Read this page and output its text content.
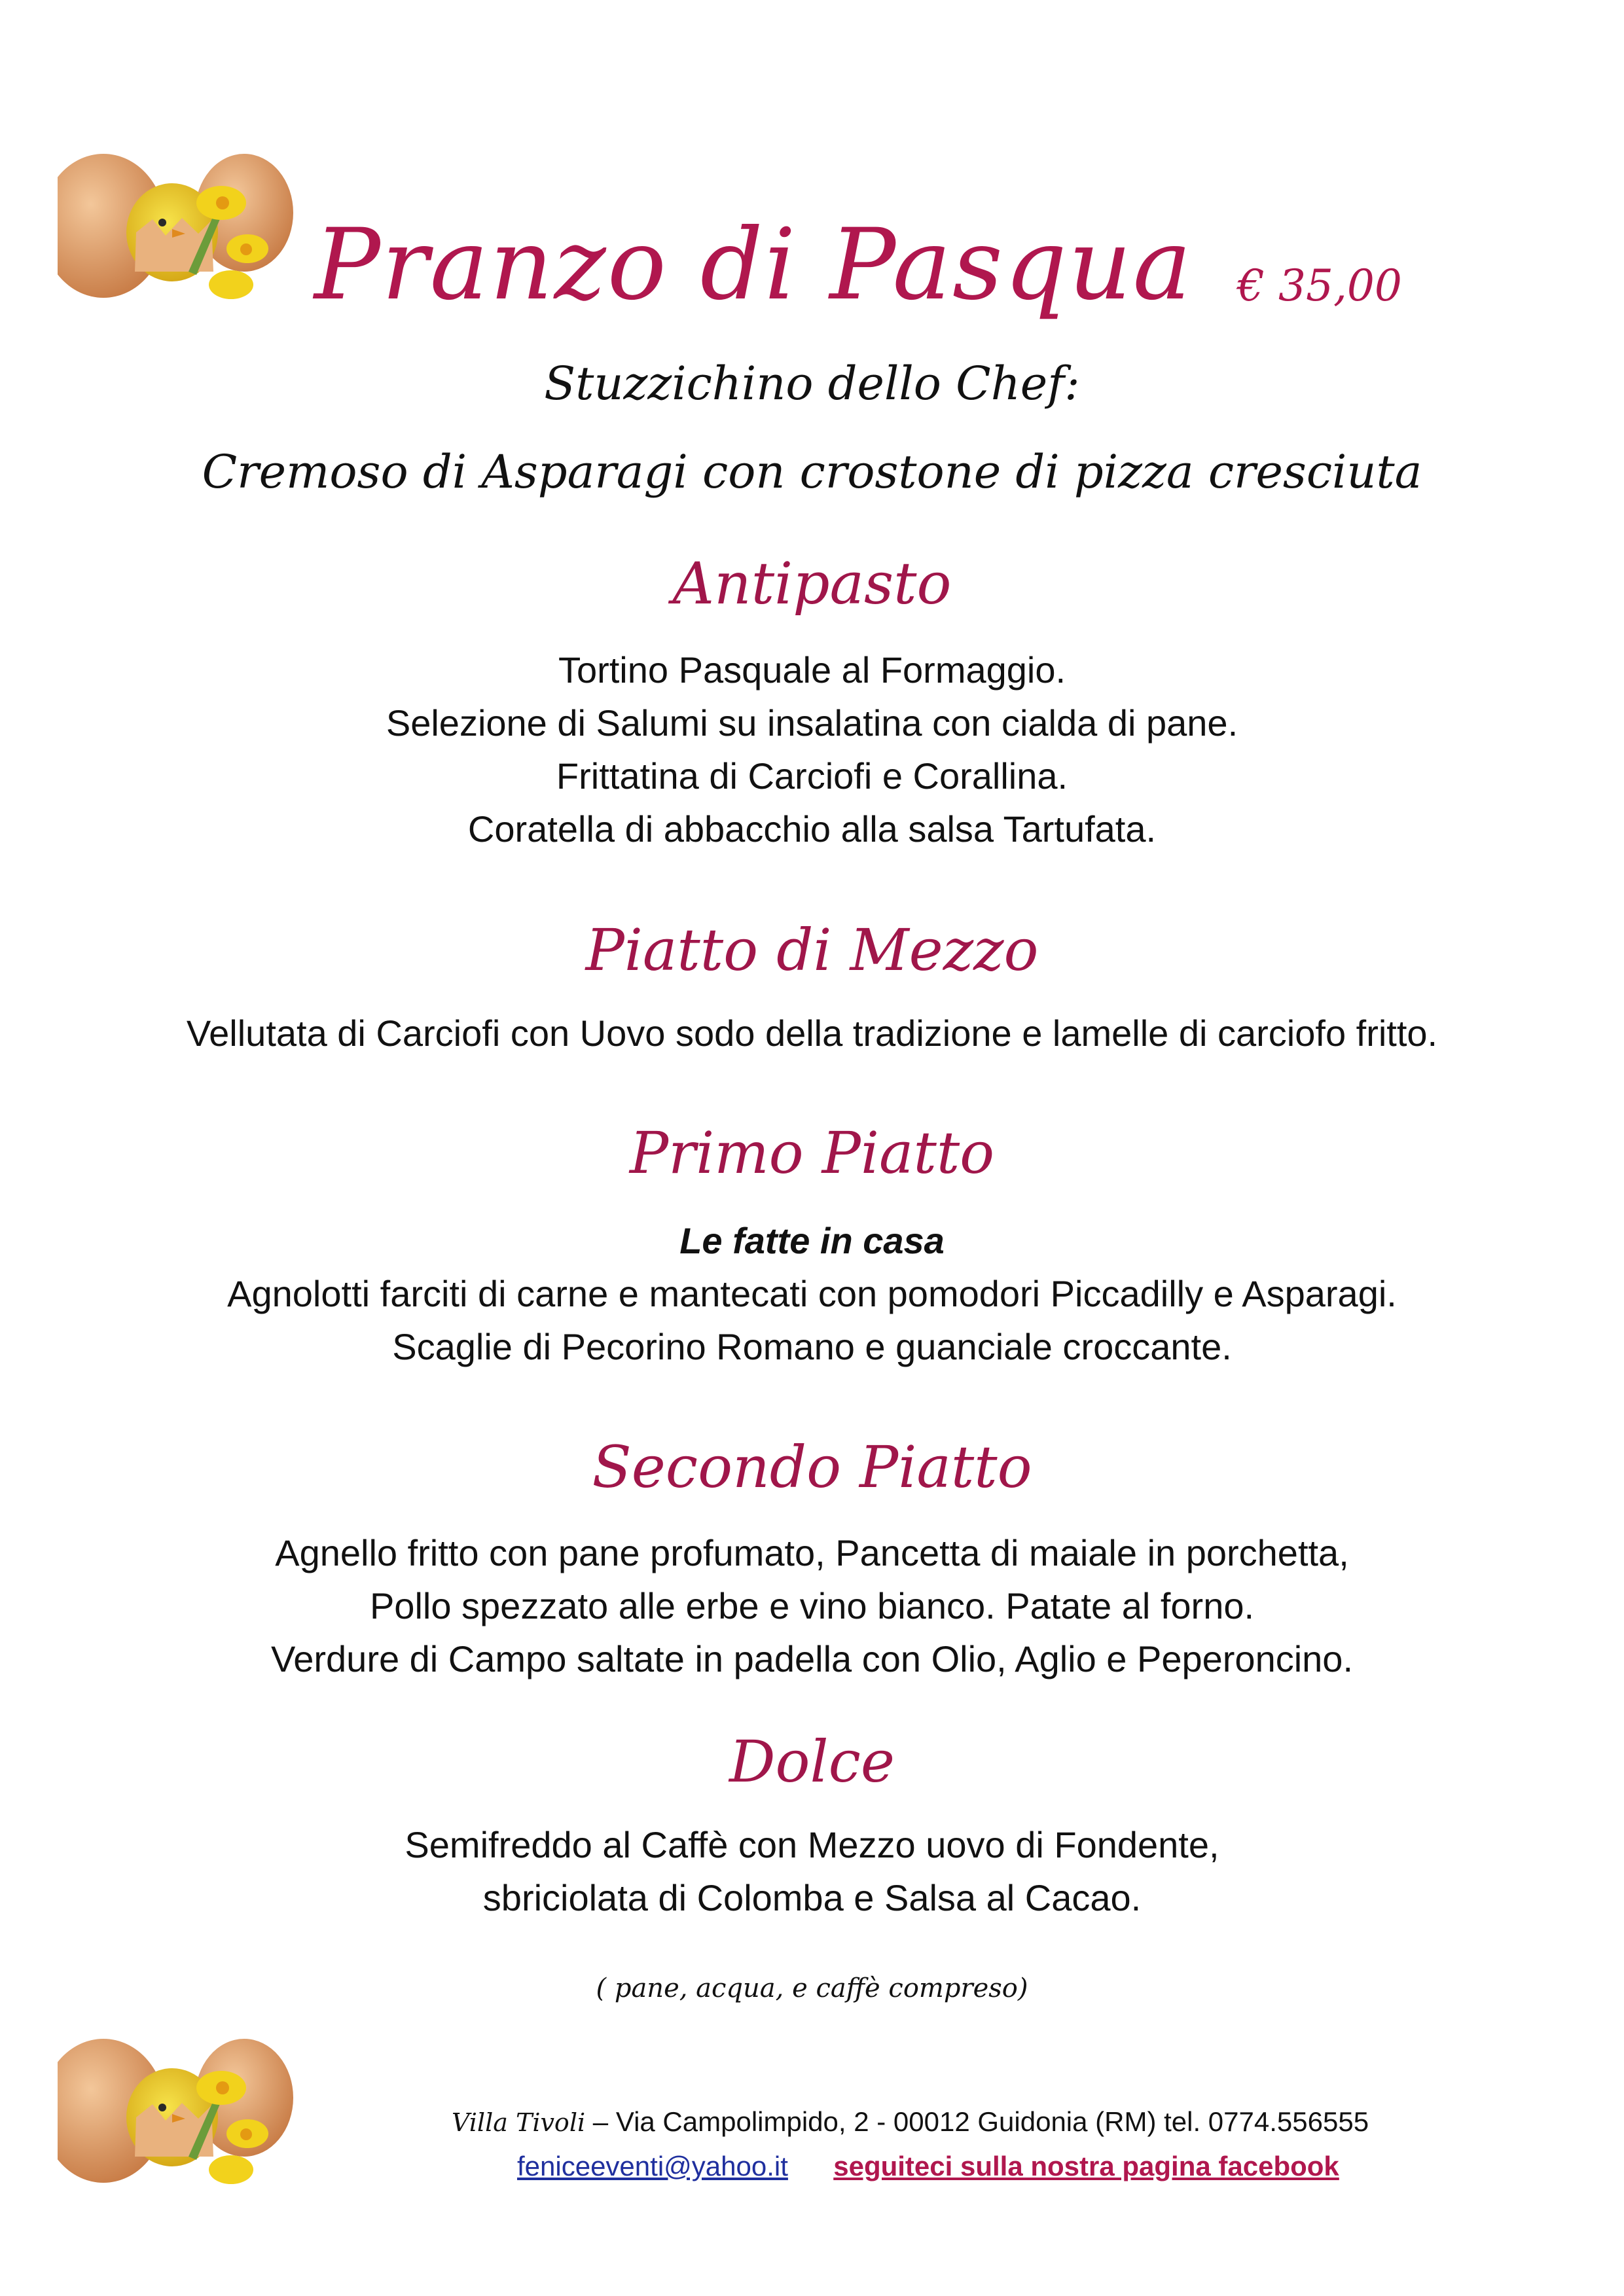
Pranzo di Pasqua € 35,00
Stuzzichino dello Chef:
Cremoso di Asparagi con crostone di pizza cresciuta
Antipasto
Tortino Pasquale al Formaggio.
Selezione di Salumi su insalatina con cialda di pane.
Frittatina di Carciofi e Corallina.
Coratella di abbacchio alla salsa Tartufata.
Piatto di Mezzo
Vellutata di Carciofi con Uovo sodo della tradizione e lamelle di carciofo fritto.
Primo Piatto
Le fatte in casa
Agnolotti farciti di carne e mantecati con pomodori Piccadilly e Asparagi.
Scaglie di Pecorino Romano e guanciale croccante.
Secondo Piatto
Agnello fritto con pane profumato, Pancetta di maiale in porchetta,
Pollo spezzato alle erbe e vino bianco. Patate al forno.
Verdure di Campo saltate in padella con Olio, Aglio e Peperoncino.
Dolce
Semifreddo al Caffè con Mezzo uovo di Fondente,
sbriciolata di Colomba e Salsa al Cacao.
( pane, acqua, e caffè compreso)
Villa Tivoli – Via Campolimpido, 2 - 00012 Guidonia (RM) tel. 0774.556555
feniceeventi@yahoo.it seguiteci sulla nostra pagina facebook
